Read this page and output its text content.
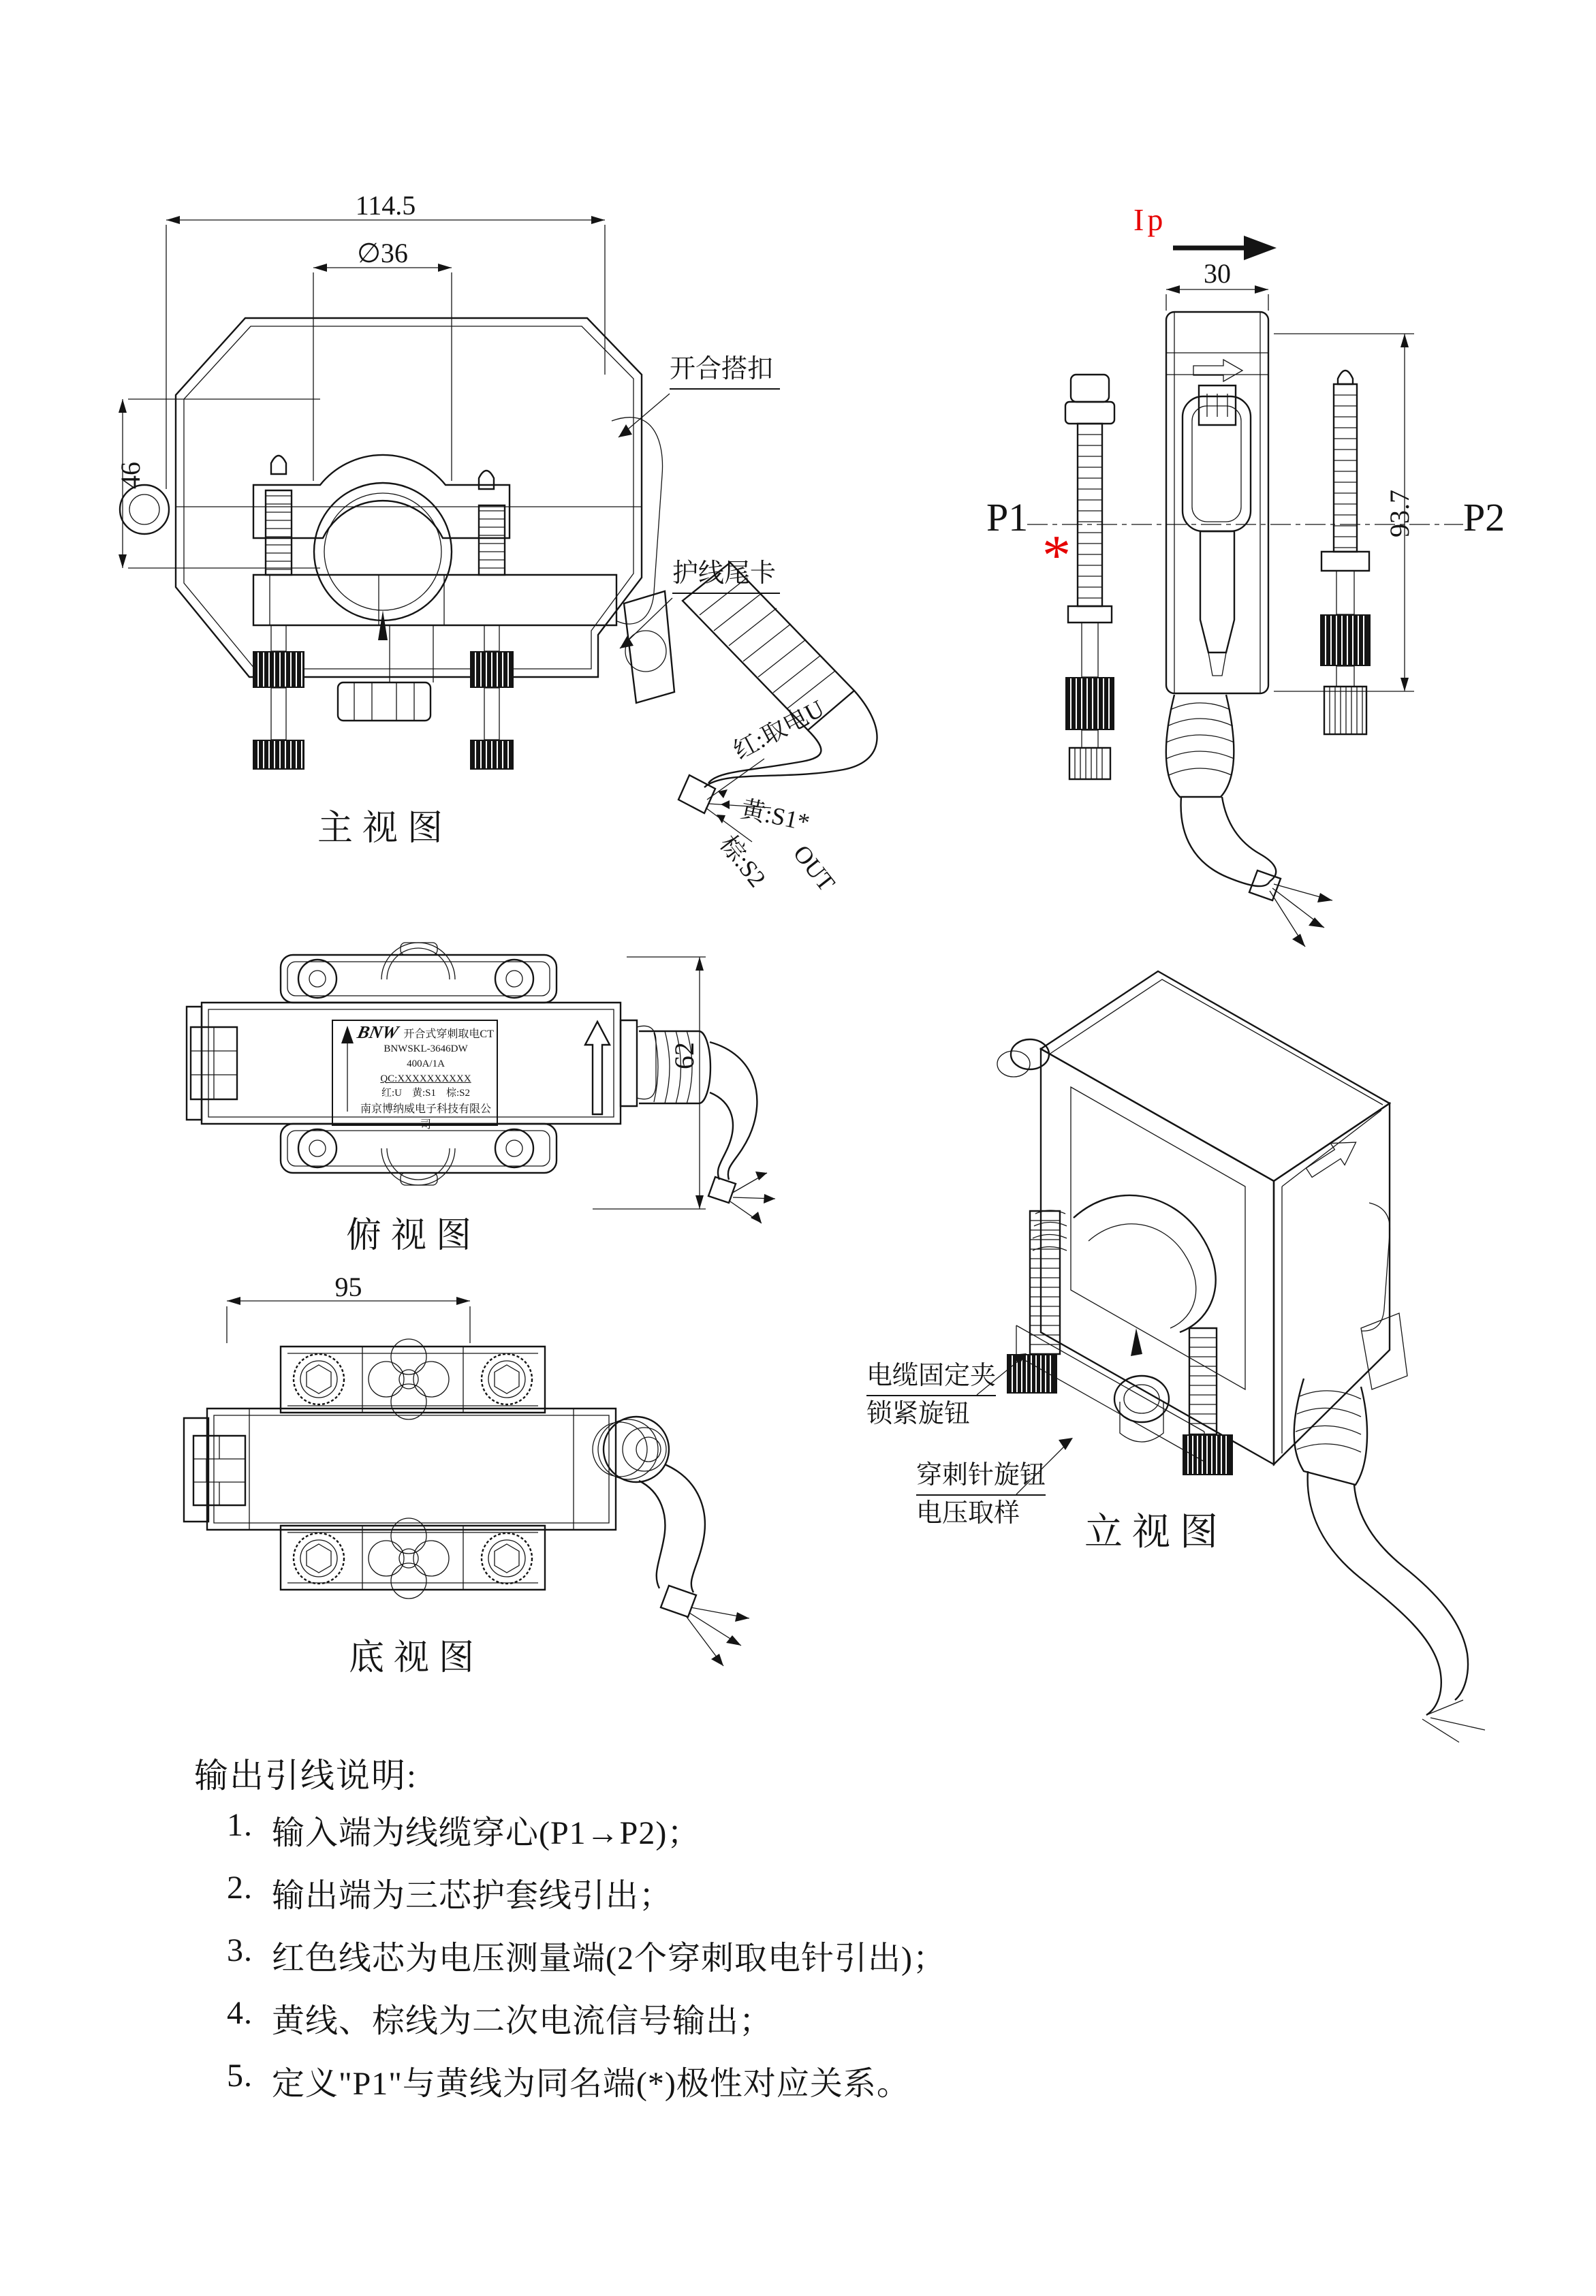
114.5
∅36
46
开合搭扣
护线尾卡
红:取电U
黄:S1*
棕:S2 OUT
主视图
Ip
30
P1	P2
*
93.7
BNW 开合式穿刺取电CT
BNWSKL-3646DW
400A/1A
QC:XXXXXXXXXX
红:U    黄:S1    棕:S2
南京博纳威电子科技有限公司
62
俯视图
95
底视图
电缆固定夹
锁紧旋钮
穿刺针旋钮
电压取样	立视图
输出引线说明:
1. 输入端为线缆穿心(P1→P2)；
2. 输出端为三芯护套线引出；
3. 红色线芯为电压测量端(2个穿刺取电针引出)；
4. 黄线、棕线为二次电流信号输出；
5. 定义"P1"与黄线为同名端(*)极性对应关系。
